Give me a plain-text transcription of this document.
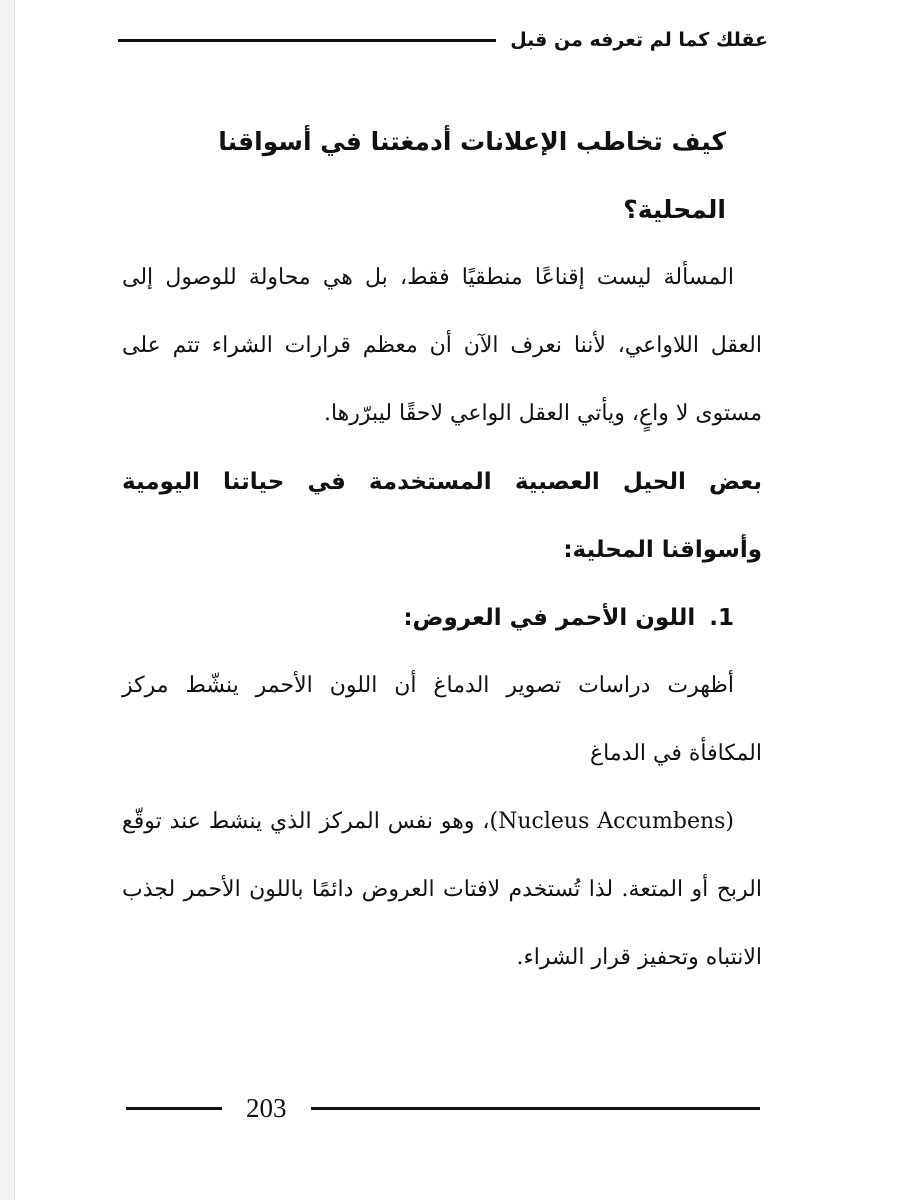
عقلك كما لم تعرفه من قبل

كيف تخاطب الإعلانات أدمغتنا في أسواقنا المحلية؟

المسألة ليست إقناعًا منطقيًا فقط، بل هي محاولة للوصول إلى العقل اللاواعي، لأننا نعرف الآن أن معظم قرارات الشراء تتم على مستوى لا واعٍ، ويأتي العقل الواعي لاحقًا ليبرّرها.

بعض الحيل العصبية المستخدمة في حياتنا اليومية وأسواقنا المحلية:

1.اللون الأحمر في العروض:

أظهرت دراسات تصوير الدماغ أن اللون الأحمر ينشّط مركز المكافأة في الدماغ

(Nucleus Accumbens)، وهو نفس المركز الذي ينشط عند توقّع الربح أو المتعة. لذا تُستخدم لافتات العروض دائمًا باللون الأحمر لجذب الانتباه وتحفيز قرار الشراء.

203
